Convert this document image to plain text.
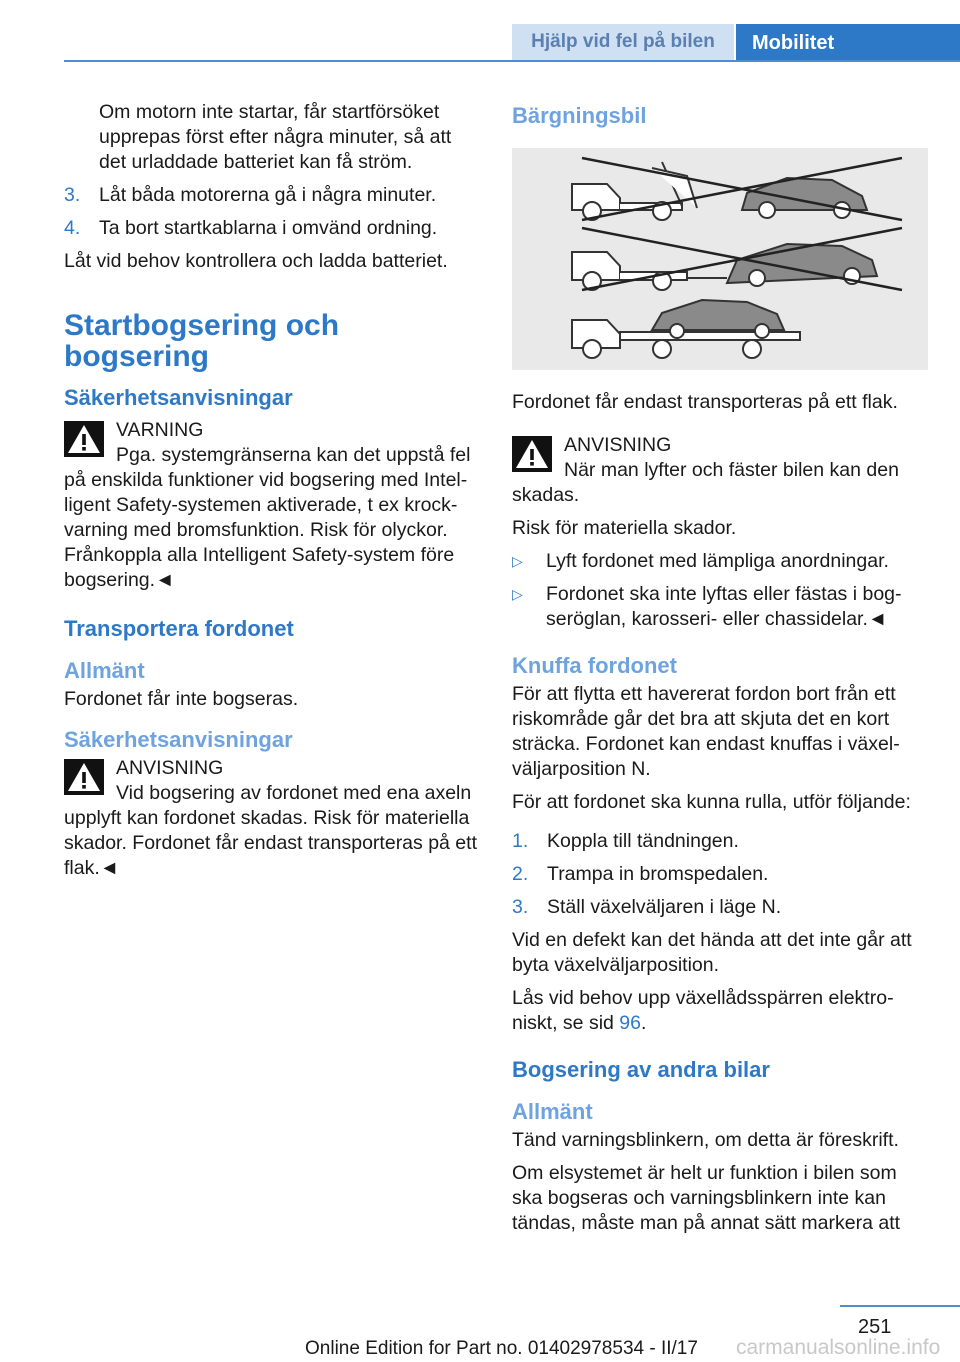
Hjälp vid fel på bilen	Mobilitet

Om motorn inte startar, får startförsöket upprepas först efter några minuter, så att det urladdade batteriet kan få ström.

3. Låt båda motorerna gå i några minuter.
4. Ta bort startkablarna i omvänd ordning.

Låt vid behov kontrollera och ladda batteriet.

Startbogsering och bogsering
Säkerhetsanvisningar
VARNING
Pga. systemgränserna kan det uppstå fel på enskilda funktioner vid bogsering med Intelligent Safety-systemen aktiverade, t ex krockvarning med bromsfunktion. Risk för olyckor. Frånkoppla alla Intelligent Safety-system före bogsering.◄
Transportera fordonet
Allmänt

Fordonet får inte bogseras.

Säkerhetsanvisningar
ANVISNING
Vid bogsering av fordonet med ena axeln upplyft kan fordonet skadas. Risk för materiella skador. Fordonet får endast transporteras på ett flak.◄
Bärgningsbil

Fordonet får endast transporteras på ett flak.

ANVISNING
När man lyfter och fäster bilen kan den skadas.

Risk för materiella skador.

▷	Lyft fordonet med lämpliga anordningar.
▷	Fordonet ska inte lyftas eller fästas i bogseröglan, karosseri- eller chassidelar.◄
Knuffa fordonet

För att flytta ett havererat fordon bort från ett riskområde går det bra att skjuta det en kort sträcka. Fordonet kan endast knuffas i växelväljarposition N.

För att fordonet ska kunna rulla, utför följande:

1. Koppla till tändningen.
2. Trampa in bromspedalen.
3. Ställ växelväljaren i läge N.

Vid en defekt kan det hända att det inte går att byta växelväljarposition.

Lås vid behov upp växellådsspärren elektroniskt, se sid 96.

Bogsering av andra bilar
Allmänt

Tänd varningsblinkern, om detta är föreskrift.

Om elsystemet är helt ur funktion i bilen som ska bogseras och varningsblinkern inte kan tändas, måste man på annat sätt markera att

251
Online Edition for Part no. 01402978534 - II/17 carmanualsonline.info
